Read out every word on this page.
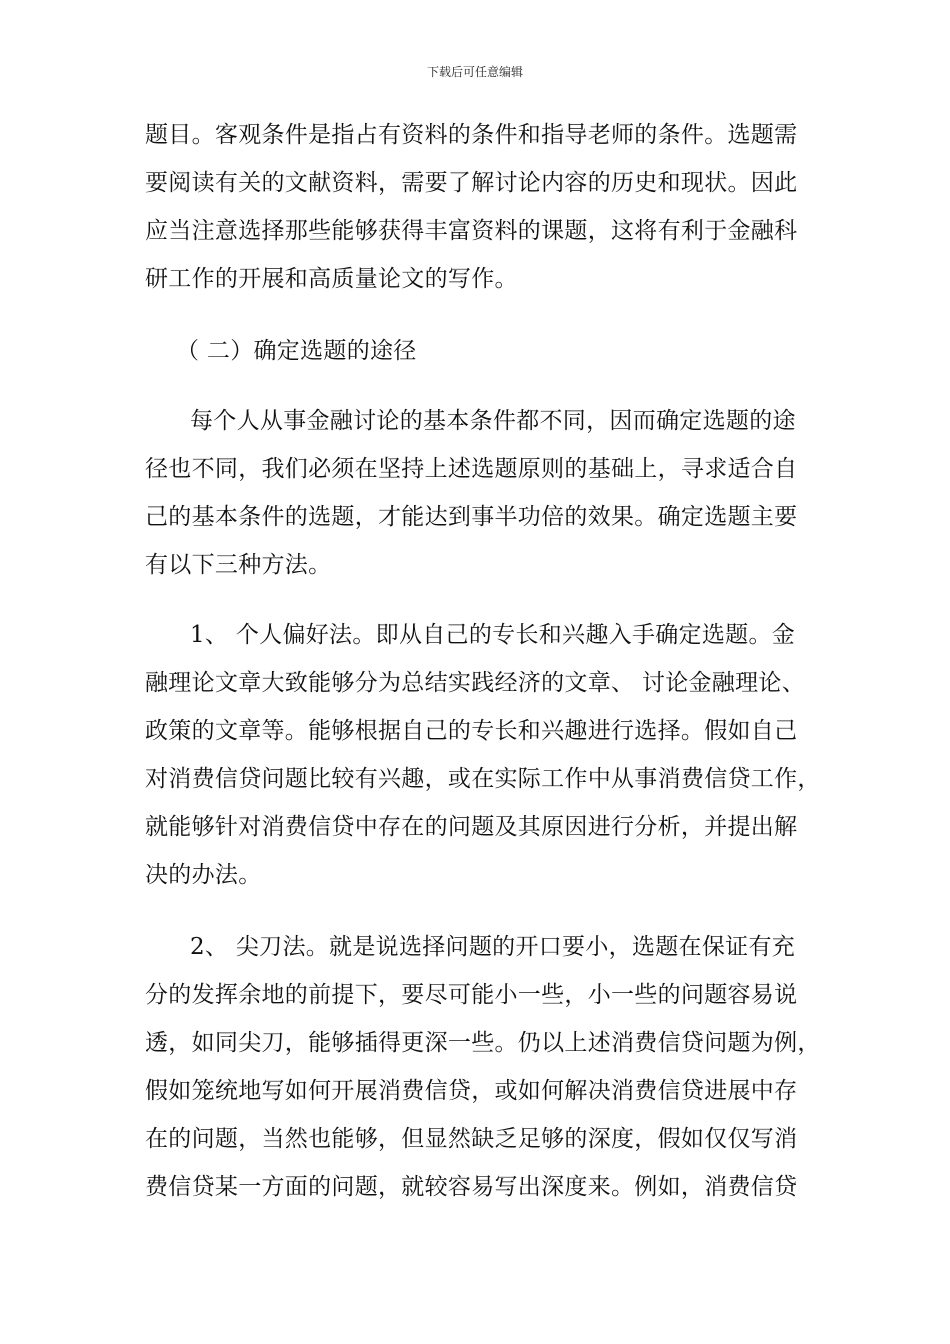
下载后可任意编辑
题目。客观条件是指占有资料的条件和指导老师的条件。选题需
要阅读有关的文献资料，需要了解讨论内容的历史和现状。因此
应当注意选择那些能够获得丰富资料的课题，这将有利于金融科
研工作的开展和高质量论文的写作。
（ 二）确定选题的途径
每个人从事金融讨论的基本条件都不同，因而确定选题的途
径也不同，我们必须在坚持上述选题原则的基础上，寻求适合自
己的基本条件的选题，才能达到事半功倍的效果。确定选题主要
有以下三种方法。
1、 个人偏好法。即从自己的专长和兴趣入手确定选题。金
融理论文章大致能够分为总结实践经济的文章、 讨论金融理论、
政策的文章等。能够根据自己的专长和兴趣进行选择。假如自己
对消费信贷问题比较有兴趣，或在实际工作中从事消费信贷工作，
就能够针对消费信贷中存在的问题及其原因进行分析，并提出解
决的办法。
2、 尖刀法。就是说选择问题的开口要小，选题在保证有充
分的发挥余地的前提下，要尽可能小一些，小一些的问题容易说
透，如同尖刀，能够插得更深一些。仍以上述消费信贷问题为例，
假如笼统地写如何开展消费信贷，或如何解决消费信贷进展中存
在的问题，当然也能够，但显然缺乏足够的深度，假如仅仅写消
费信贷某一方面的问题，就较容易写出深度来。例如，消费信贷
